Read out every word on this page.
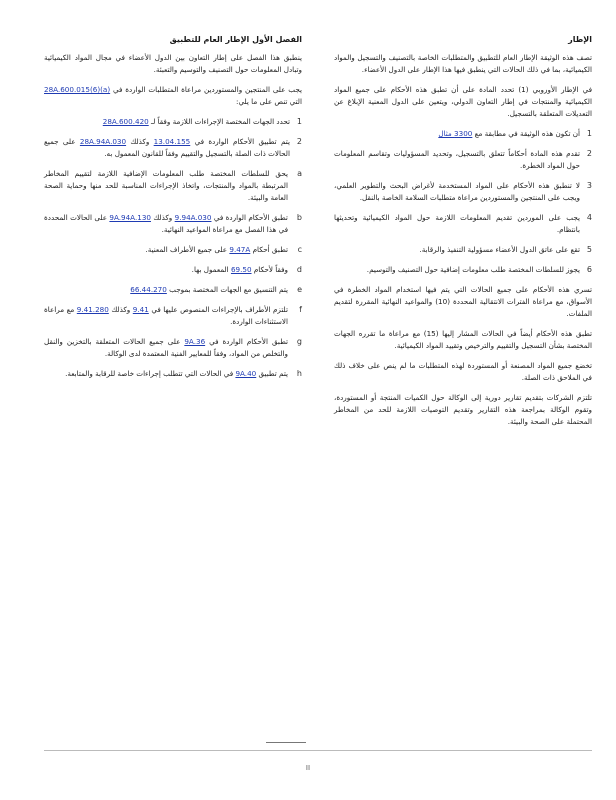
الإطار

تصف هذه الوثيقة الإطار العام للتطبيق والمتطلبات الخاصة بالتصنيف والتسجيل والمواد الكيميائية، بما في ذلك الحالات التي ينطبق فيها هذا الإطار على الدول الأعضاء.

في الإطار الأوروبي (1) تحدد المادة على أن تطبق هذه الأحكام على جميع المواد الكيميائية والمنتجات في إطار التعاون الدولي، ويتعين على الدول المعنية الإبلاغ عن التعديلات المتعلقة بالتسجيل.

1
أن تكون هذه الوثيقة في مطابقة مع 3300 مثال
2
تقدم هذه المادة أحكاماً تتعلق بالتسجيل، وتحديد المسؤوليات وتقاسم المعلومات حول المواد الخطرة.
3
لا تنطبق هذه الأحكام على المواد المستخدمة لأغراض البحث والتطوير العلمي، ويجب على المنتجين والمستوردين مراعاة متطلبات السلامة الخاصة بالنقل.
4
يجب على الموردين تقديم المعلومات اللازمة حول المواد الكيميائية وتحديثها بانتظام.
5
تقع على عاتق الدول الأعضاء مسؤولية التنفيذ والرقابة.
6
يجوز للسلطات المختصة طلب معلومات إضافية حول التصنيف والتوسيم.

تسري هذه الأحكام على جميع الحالات التي يتم فيها استخدام المواد الخطرة في الأسواق، مع مراعاة الفترات الانتقالية المحددة (10) والمواعيد النهائية المقررة لتقديم الملفات.

تطبق هذه الأحكام أيضاً في الحالات المشار إليها (15) مع مراعاة ما تقرره الجهات المختصة بشأن التسجيل والتقييم والترخيص وتقييد المواد الكيميائية.

تخضع جميع المواد المصنعة أو المستوردة لهذه المتطلبات ما لم ينص على خلاف ذلك في الملاحق ذات الصلة.

تلتزم الشركات بتقديم تقارير دورية إلى الوكالة حول الكميات المنتجة أو المستوردة، وتقوم الوكالة بمراجعة هذه التقارير وتقديم التوصيات اللازمة للحد من المخاطر المحتملة على الصحة والبيئة.

الفصل الأول الإطار العام للتطبيق

ينطبق هذا الفصل على إطار التعاون بين الدول الأعضاء في مجال المواد الكيميائية وتبادل المعلومات حول التصنيف والتوسيم والتعبئة.

يجب على المنتجين والمستوردين مراعاة المتطلبات الواردة في 28A.600.015(6)(a) التي تنص على ما يلي:

1
تحدد الجهات المختصة الإجراءات اللازمة وفقاً لـ 28A.600.420
2
يتم تطبيق الأحكام الواردة في 13.04.155 وكذلك 28A.94A.030 على جميع الحالات ذات الصلة بالتسجيل والتقييم وفقاً للقانون المعمول به.
a
يحق للسلطات المختصة طلب المعلومات الإضافية اللازمة لتقييم المخاطر المرتبطة بالمواد والمنتجات، واتخاذ الإجراءات المناسبة للحد منها وحماية الصحة العامة والبيئة.
b
تطبق الأحكام الواردة في 9.94A.030 وكذلك 9A.94A.130 على الحالات المحددة في هذا الفصل مع مراعاة المواعيد النهائية.
c
تطبق أحكام 9.47A على جميع الأطراف المعنية.
d
وفقاً لأحكام 69.50 المعمول بها.
e
يتم التنسيق مع الجهات المختصة بموجب 66.44.270
f
تلتزم الأطراف بالإجراءات المنصوص عليها في 9.41 وكذلك 9.41.280 مع مراعاة الاستثناءات الواردة.
g
تطبق الأحكام الواردة في 9A.36 على جميع الحالات المتعلقة بالتخزين والنقل والتخلص من المواد، وفقاً للمعايير الفنية المعتمدة لدى الوكالة.
h
يتم تطبيق 9A.40 في الحالات التي تتطلب إجراءات خاصة للرقابة والمتابعة.
II
